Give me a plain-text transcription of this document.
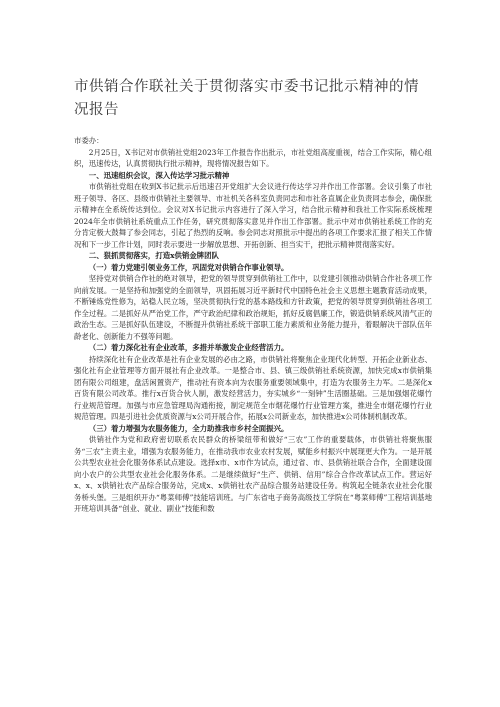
市供销合作联社关于贯彻落实市委书记批示精神的情况报告

市委办：

2月25日，X书记对市供销社党组2023年工作报告作出批示，市社党组高度重视，结合工作实际，精心组织，迅速传达，认真贯彻执行批示精神，现将情况报告如下。

一、迅速组织会议，深入传达学习批示精神

市供销社党组在收到X书记批示后迅速召开党组扩大会议进行传达学习并作出工作部署。会议引集了市社班子领导、各区、县级市供销社主要领导、市社机关各科室负责同志和市社各直属企业负责同志参会，确保批示精神在全系统传达到位。会议对X书记批示内容进行了深入学习，结合批示精神和我社工作实际系统梳理2024年全市供销社系统重点工作任务，研究贯彻落实意见并作出工作部署。批示中对市供销社系统工作的充分肯定极大鼓舞了参会同志，引起了热烈的反响。参会同志对照批示中提出的各项工作要求汇报了相关工作情况和下一步工作计划，同时表示要进一步解放思想、开拓创新、担当实干，把批示精神贯彻落实好。

二、狠抓贯彻落实，打造x供销金牌团队

（一）着力党建引领业务工作，巩固党对供销合作事业领导。

坚持党对供销合作社的绝对领导，把党的领导贯穿到供销社工作中，以党建引领推动供销合作社各项工作向前发展。一是坚持和加强党的全面领导，巩固拓展习近平新时代中国特色社会主义思想主题教育活动成果，不断锤炼党性修为，站稳人民立场，坚决贯彻执行党的基本路线和方针政策，把党的领导贯穿到供销社各项工作全过程。二是抓好从严治党工作，严守政治纪律和政治规矩，抓好反腐倡廉工作，锻造供销系统风清气正的政治生态。三是抓好队伍建设，不断提升供销社系统干部职工能力素质和业务能力提升，着眼解决干部队伍年龄老化、创新能力不强等问题。

（二）着力深化社有企业改革，多措并举激发企业经营活力。

持续深化社有企业改革是社有企业发展的必由之路，市供销社将聚焦企业现代化转型、开拓企业新业态、强化社有企业管理等方面开展社有企业改革。一是整合市、县、镇三级供销社系统资源，加快完成x市供销集团有限公司组建，盘活闲置资产，推动社有资本向为农服务重要领域集中，打造为农服务主力军。二是深化x百货有限公司改革。推行x百货合伙人制，激发经营活力，夯实城乡“一刻钟”生活圈基础。三是加强烟花爆竹行业规范管理。加强与市应急管理局沟通衔接，制定规范全市烟花爆竹行业管理方案，推进全市烟花爆竹行业规范管理。四是引进社会优质资源与x公司开展合作，拓展x公司新业态，加快推进x公司体制机制改革。

（三）着力增强为农服务能力，全力助推我市乡村全面振兴。

供销社作为党和政府密切联系农民群众的桥梁纽带和做好“三农”工作的重要载体，市供销社将聚焦服务“三农”主责主业，增强为农服务能力，在推动我市农业农村发展，赋能乡村振兴中展现更大作为。一是开展公共型农业社会化服务体系试点建设。选择x市、x市作为试点，通过省、市、县供销社联合合作，全面建设面向小农户的公共型农业社会化服务体系。二是继续做好“生产、供销、信用”综合合作改革试点工作。营运好x、x、x供销社农产品综合服务站，完成x、x供销社农产品综合服务站建设任务。构筑起全链条农业社会化服务桥头堡。三是组织开办“粤菜师傅”技能培训班。与广东省电子商务高级技工学院在“粤菜师傅”工程培训基地开班培训具备“创业、就业、副业”技能和数
